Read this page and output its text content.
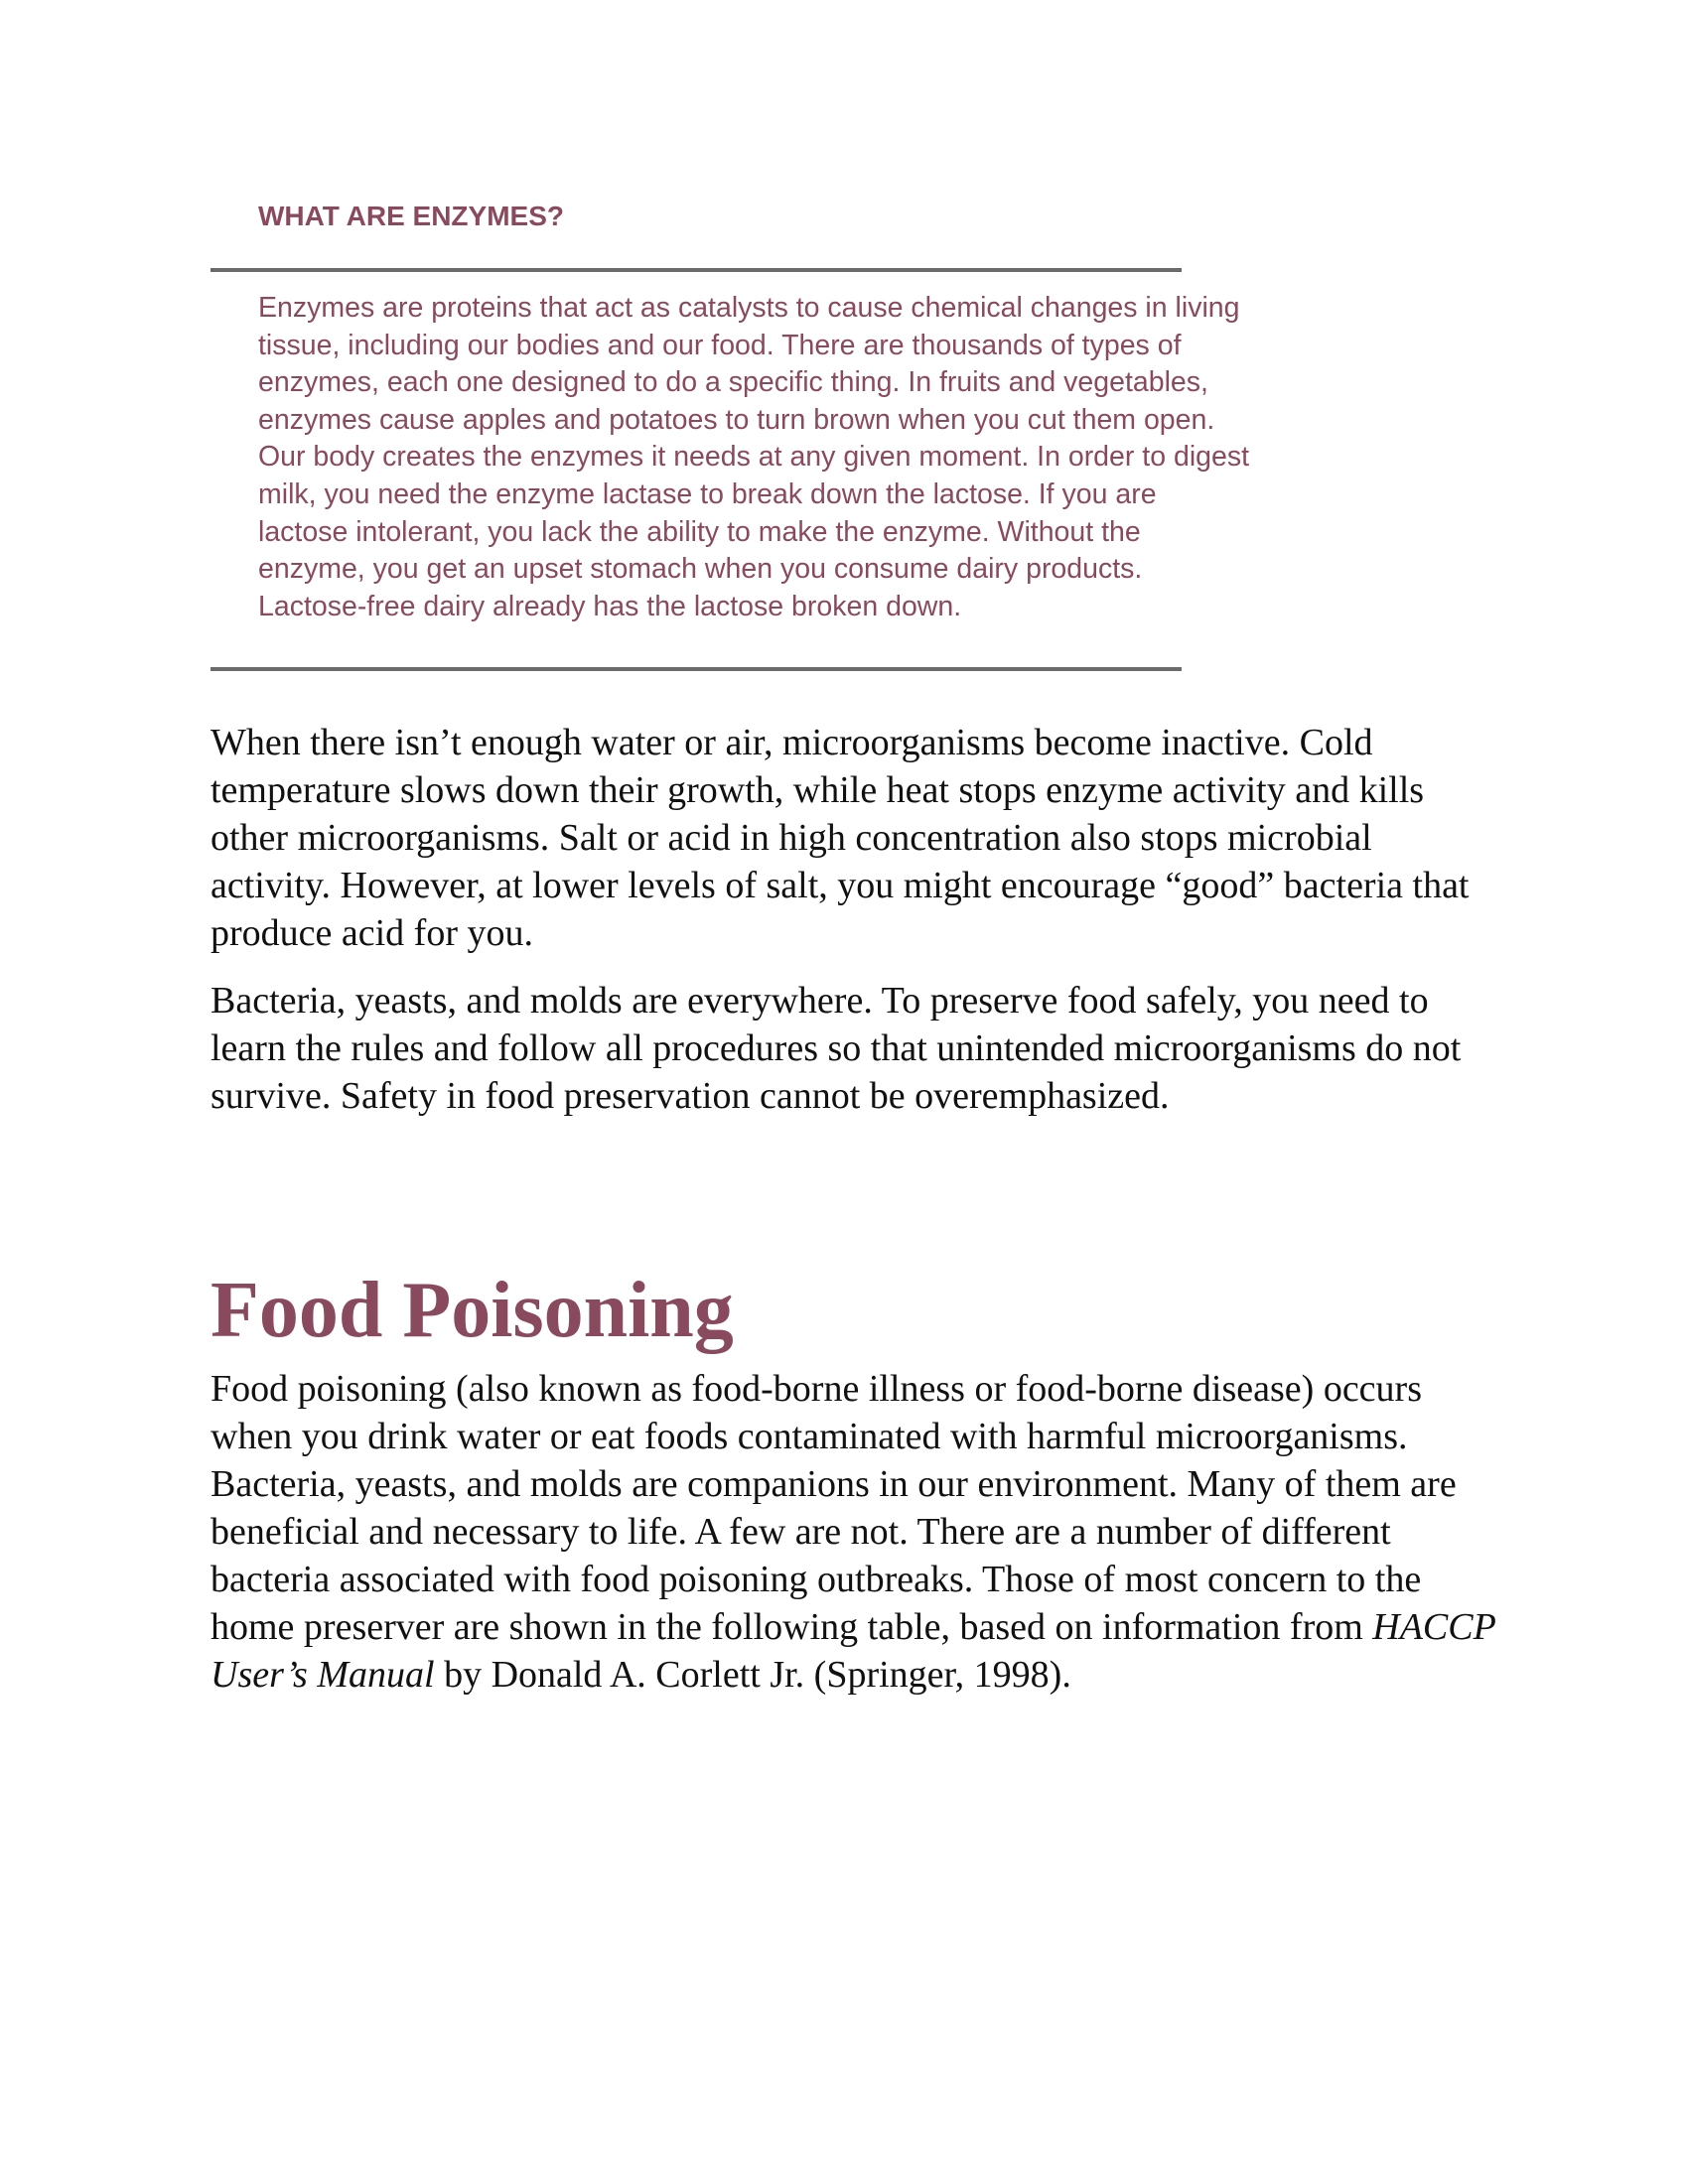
WHAT ARE ENZYMES?

Enzymes are proteins that act as catalysts to cause chemical changes in living tissue, including our bodies and our food. There are thousands of types of enzymes, each one designed to do a specific thing. In fruits and vegetables, enzymes cause apples and potatoes to turn brown when you cut them open. Our body creates the enzymes it needs at any given moment. In order to digest milk, you need the enzyme lactase to break down the lactose. If you are lactose intolerant, you lack the ability to make the enzyme. Without the enzyme, you get an upset stomach when you consume dairy products. Lactose-free dairy already has the lactose broken down.

When there isn’t enough water or air, microorganisms become inactive. Cold temperature slows down their growth, while heat stops enzyme activity and kills other microorganisms. Salt or acid in high concentration also stops microbial activity. However, at lower levels of salt, you might encourage “good” bacteria that produce acid for you.

Bacteria, yeasts, and molds are everywhere. To preserve food safely, you need to learn the rules and follow all procedures so that unintended microorganisms do not survive. Safety in food preservation cannot be overemphasized.

Food Poisoning

Food poisoning (also known as food-borne illness or food-borne disease) occurs when you drink water or eat foods contaminated with harmful microorganisms. Bacteria, yeasts, and molds are companions in our environment. Many of them are beneficial and necessary to life. A few are not. There are a number of different bacteria associated with food poisoning outbreaks. Those of most concern to the home preserver are shown in the following table, based on information from HACCP User’s Manual by Donald A. Corlett Jr. (Springer, 1998).
